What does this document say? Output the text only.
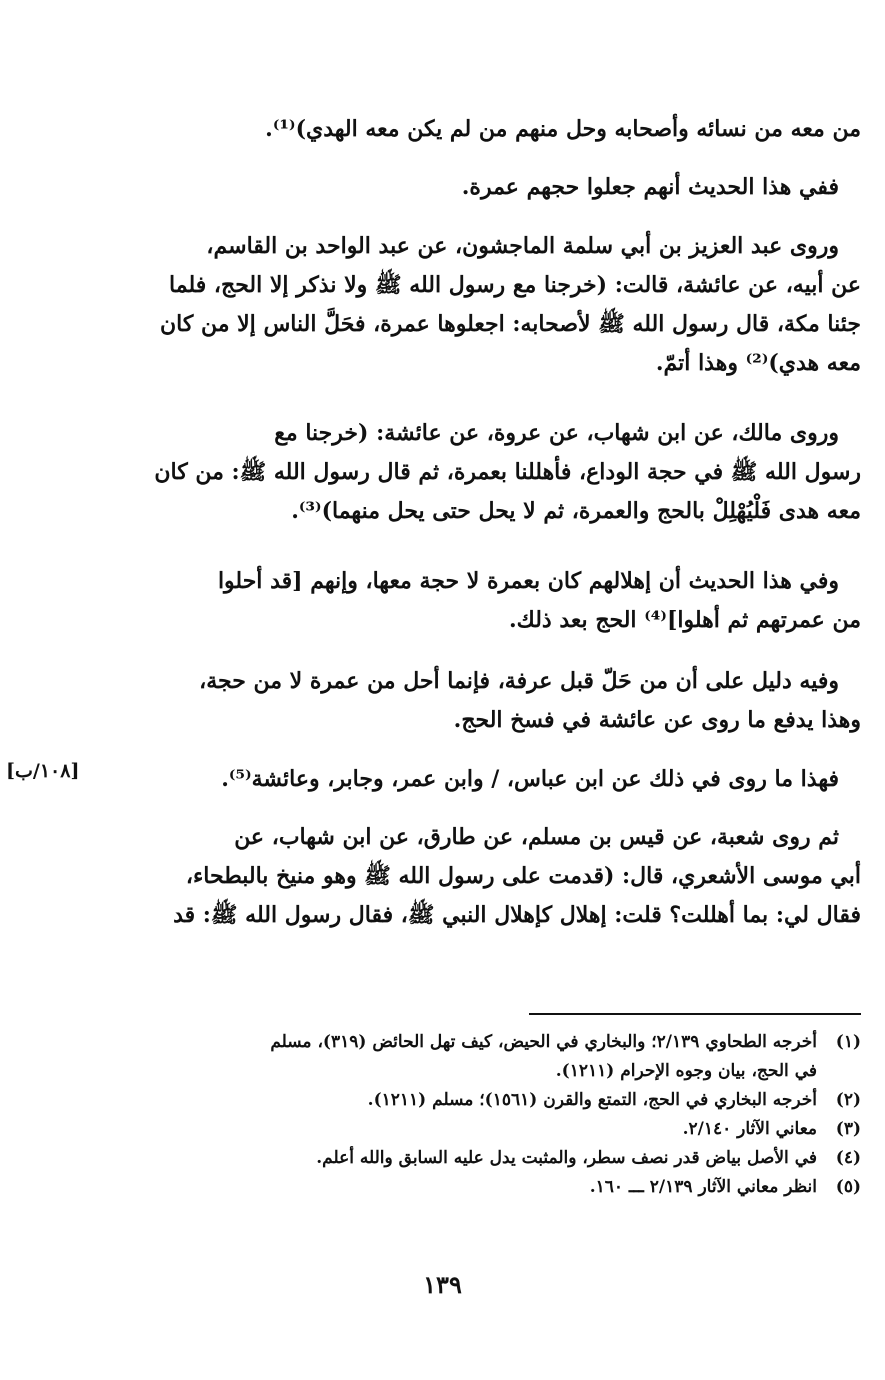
من معه من نسائه وأصحابه وحل منهم من لم يكن معه الهدي)⁽¹⁾.
ففي هذا الحديث أنهم جعلوا حجهم عمرة.
وروى عبد العزيز بن أبي سلمة الماجشون، عن عبد الواحد بن القاسم،
عن أبيه، عن عائشة، قالت: (خرجنا مع رسول الله ﷺ ولا نذكر إلا الحج، فلما
جئنا مكة، قال رسول الله ﷺ لأصحابه: اجعلوها عمرة، فحَلَّ الناس إلا من كان
معه هدي)⁽²⁾ وهذا أتمّ.
وروى مالك، عن ابن شهاب، عن عروة، عن عائشة: (خرجنا مع
رسول الله ﷺ في حجة الوداع، فأهللنا بعمرة، ثم قال رسول الله ﷺ: من كان
معه هدى فَلْيُهْلِلْ بالحج والعمرة، ثم لا يحل حتى يحل منهما)⁽³⁾.
وفي هذا الحديث أن إهلالهم كان بعمرة لا حجة معها، وإنهم [قد أحلوا
من عمرتهم ثم أهلوا]⁽⁴⁾ الحج بعد ذلك.
وفيه دليل على أن من حَلّ قبل عرفة، فإنما أحل من عمرة لا من حجة،
وهذا يدفع ما روى عن عائشة في فسخ الحج.
فهذا ما روى في ذلك عن ابن عباس، / وابن عمر، وجابر، وعائشة⁽⁵⁾.
[١٠٨/ب]
ثم روى شعبة، عن قيس بن مسلم، عن طارق، عن ابن شهاب، عن
أبي موسى الأشعري، قال: (قدمت على رسول الله ﷺ وهو منيخ بالبطحاء،
فقال لي: بما أهللت؟ قلت: إهلال كإهلال النبي ﷺ، فقال رسول الله ﷺ: قد
(١)
أخرجه الطحاوي ٢/١٣٩؛ والبخاري في الحيض، كيف تهل الحائض (٣١٩)، مسلم
في الحج، بيان وجوه الإحرام (١٢١١).
(٢)
أخرجه البخاري في الحج، التمتع والقرن (١٥٦١)؛ مسلم (١٢١١).
(٣)
معاني الآثار ٢/١٤٠.
(٤)
في الأصل بياض قدر نصف سطر، والمثبت يدل عليه السابق والله أعلم.
(٥)
انظر معاني الآثار ٢/١٣٩ ـــ ١٦٠.
١٣٩
